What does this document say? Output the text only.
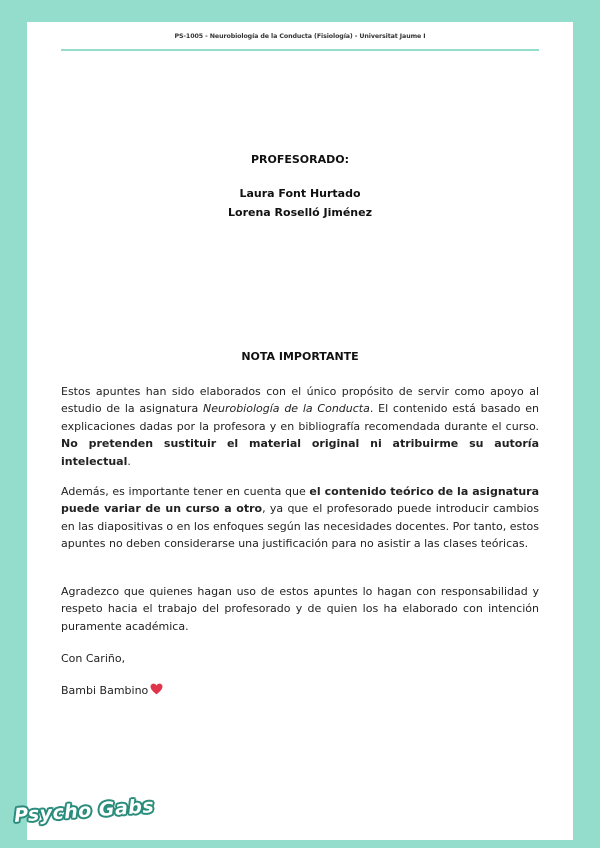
PS-1005 - Neurobiología de la Conducta (Fisiología) - Universitat Jaume I
PROFESORADO:
Laura Font Hurtado
Lorena Roselló Jiménez
NOTA IMPORTANTE
Estos apuntes han sido elaborados con el único propósito de servir como apoyo al estudio de la asignatura Neurobiología de la Conducta. El contenido está basado en explicaciones dadas por la profesora y en bibliografía recomendada durante el curso. No pretenden sustituir el material original ni atribuirme su autoría intelectual.
Además, es importante tener en cuenta que el contenido teórico de la asignatura puede variar de un curso a otro, ya que el profesorado puede introducir cambios en las diapositivas o en los enfoques según las necesidades docentes. Por tanto, estos apuntes no deben considerarse una justificación para no asistir a las clases teóricas.
Agradezco que quienes hagan uso de estos apuntes lo hagan con responsabilidad y respeto hacia el trabajo del profesorado y de quien los ha elaborado con intención puramente académica.
Con Cariño,
Bambi Bambino
Psycho Gabs
